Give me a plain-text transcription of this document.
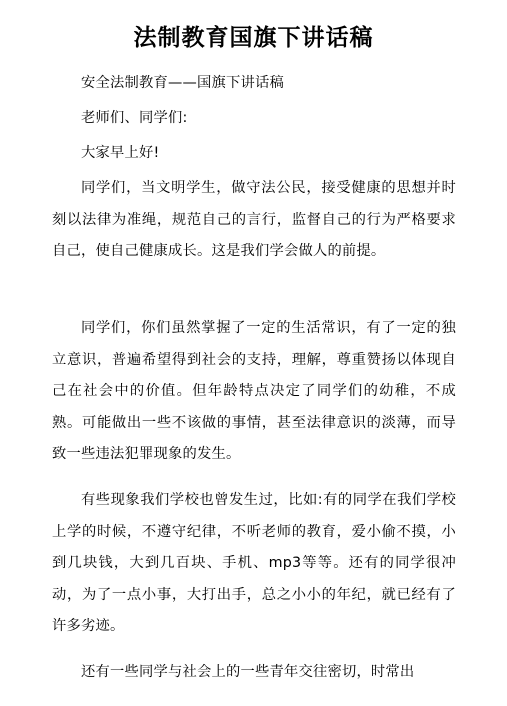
法制教育国旗下讲话稿

安全法制教育——国旗下讲话稿

老师们、同学们:

大家早上好!

同学们，当文明学生，做守法公民，接受健康的思想并时刻以法律为准绳，规范自己的言行，监督自己的行为严格要求自己，使自己健康成长。这是我们学会做人的前提。

同学们，你们虽然掌握了一定的生活常识，有了一定的独立意识，普遍希望得到社会的支持，理解，尊重赞扬以体现自己在社会中的价值。但年龄特点决定了同学们的幼稚，不成熟。可能做出一些不该做的事情，甚至法律意识的淡薄，而导致一些违法犯罪现象的发生。

有些现象我们学校也曾发生过，比如:有的同学在我们学校上学的时候，不遵守纪律，不听老师的教育，爱小偷不摸，小到几块钱，大到几百块、手机、mp3等等。还有的同学很冲动，为了一点小事，大打出手，总之小小的年纪，就已经有了许多劣迹。

还有一些同学与社会上的一些青年交往密切，时常出
